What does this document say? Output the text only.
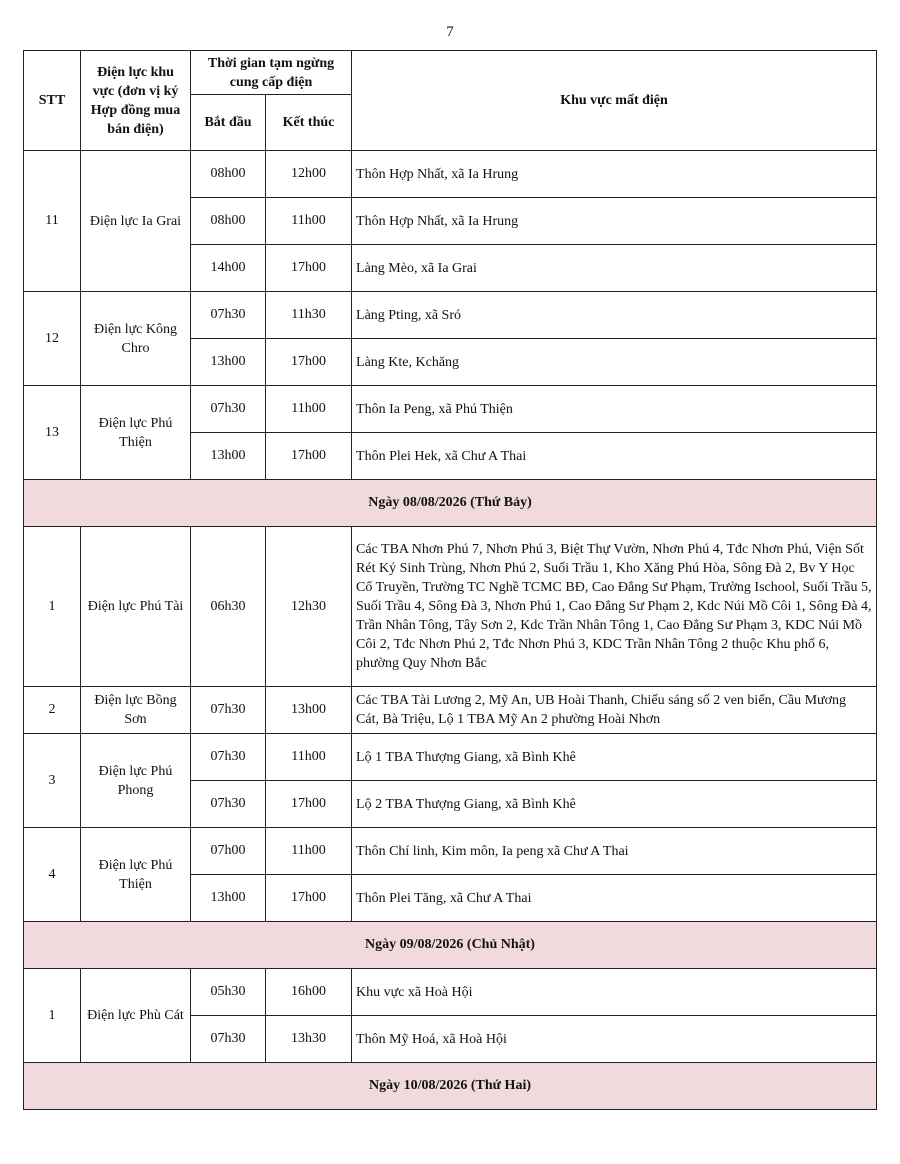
7
STT	Điện lực khu vực (đơn vị ký Hợp đồng mua bán điện)	Thời gian tạm ngừng cung cấp điện		Khu vực mất điện
		Bắt đầu	Kết thúc	
11	Điện lực Ia Grai	08h00	12h00	Thôn Hợp Nhất, xã Ia Hrung
		08h00	11h00	Thôn Hợp Nhất, xã Ia Hrung
		14h00	17h00	Làng Mèo, xã Ia Grai
12	Điện lực Kông Chro	07h30	11h30	Làng Pting, xã Sró
		13h00	17h00	Làng Kte, Kchăng
13	Điện lực Phú Thiện	07h30	11h00	Thôn Ia Peng, xã Phú Thiện
		13h00	17h00	Thôn Plei Hek, xã Chư A Thai
Ngày 08/08/2026 (Thứ Bảy)				
1	Điện lực Phú Tài	06h30	12h30	Các TBA Nhơn Phú 7, Nhơn Phú 3, Biệt Thự Vườn, Nhơn Phú 4, Tđc Nhơn Phú, Viện Sốt Rét Ký Sinh Trùng, Nhơn Phú 2, Suối Trầu 1, Kho Xăng Phú Hòa, Sông Đà 2, Bv Y Học Cổ Truyền, Trường TC Nghề TCMC BĐ, Cao Đẳng Sư Phạm, Trường Ischool, Suối Trầu 5, Suối Trầu 4, Sông Đà 3, Nhơn Phú 1, Cao Đẳng Sư Phạm 2, Kdc Núi Mồ Côi 1, Sông Đà 4, Trần Nhân Tông, Tây Sơn 2, Kdc Trần Nhân Tông 1, Cao Đẳng Sư Phạm 3, KDC Núi Mồ Côi 2, Tđc Nhơn Phú 2, Tđc Nhơn Phú 3, KDC Trần Nhân Tông 2 thuộc Khu phố 6, phường Quy Nhơn Bắc
2	Điện lực Bồng Sơn	07h30	13h00	Các TBA Tài Lương 2, Mỹ An, UB Hoài Thanh, Chiếu sáng số 2 ven biển, Cầu Mương Cát, Bà Triệu, Lộ 1 TBA Mỹ An 2 phường Hoài Nhơn
3	Điện lực Phú Phong	07h30	11h00	Lộ 1 TBA Thượng Giang, xã Bình Khê
		07h30	17h00	Lộ 2 TBA Thượng Giang, xã Bình Khê
4	Điện lực Phú Thiện	07h00	11h00	Thôn Chí linh, Kim môn, Ia peng xã Chư A Thai
		13h00	17h00	Thôn Plei Tăng, xã Chư A Thai
Ngày 09/08/2026 (Chủ Nhật)				
1	Điện lực Phù Cát	05h30	16h00	Khu vực xã Hoà Hội
		07h30	13h30	Thôn Mỹ Hoá, xã Hoà Hội
Ngày 10/08/2026 (Thứ Hai)				
